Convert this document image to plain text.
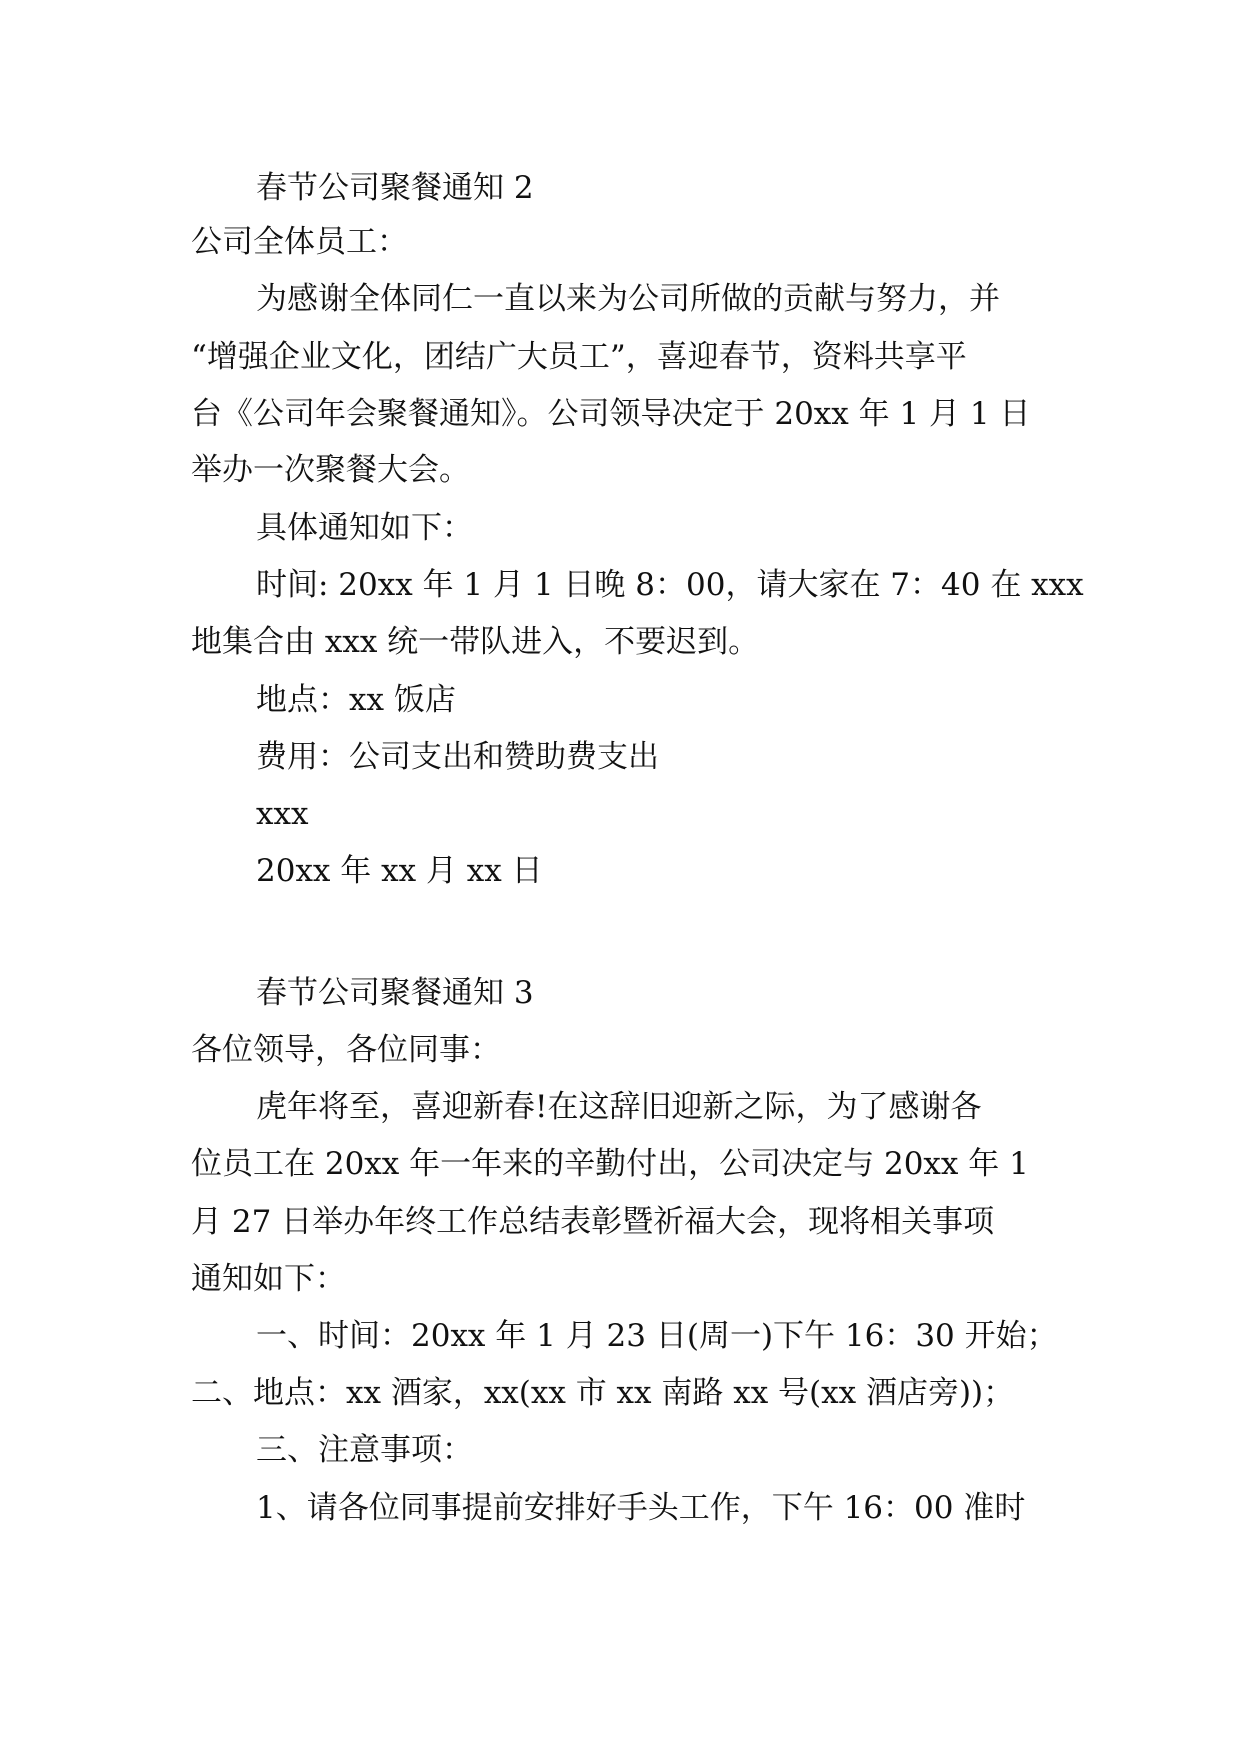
春节公司聚餐通知 2
公司全体员工：
为感谢全体同仁一直以来为公司所做的贡献与努力，并
“增强企业文化，团结广大员工”，喜迎春节，资料共享平
台《公司年会聚餐通知》。公司领导决定于 20xx 年 1 月 1 日
举办一次聚餐大会。
具体通知如下：
时间: 20xx 年 1 月 1 日晚 8：00，请大家在 7：40 在 xxx
地集合由 xxx 统一带队进入，不要迟到。
地点：xx 饭店
费用：公司支出和赞助费支出
xxx
20xx 年 xx 月 xx 日
春节公司聚餐通知 3
各位领导，各位同事：
虎年将至，喜迎新春!在这辞旧迎新之际，为了感谢各
位员工在 20xx 年一年来的辛勤付出，公司决定与 20xx 年 1
月 27 日举办年终工作总结表彰暨祈福大会，现将相关事项
通知如下：
一、时间：20xx 年 1 月 23 日(周一)下午 16：30 开始；
二、地点：xx 酒家，xx(xx 市 xx 南路 xx 号(xx 酒店旁))；
三、注意事项：
1、请各位同事提前安排好手头工作，下午 16：00 准时
